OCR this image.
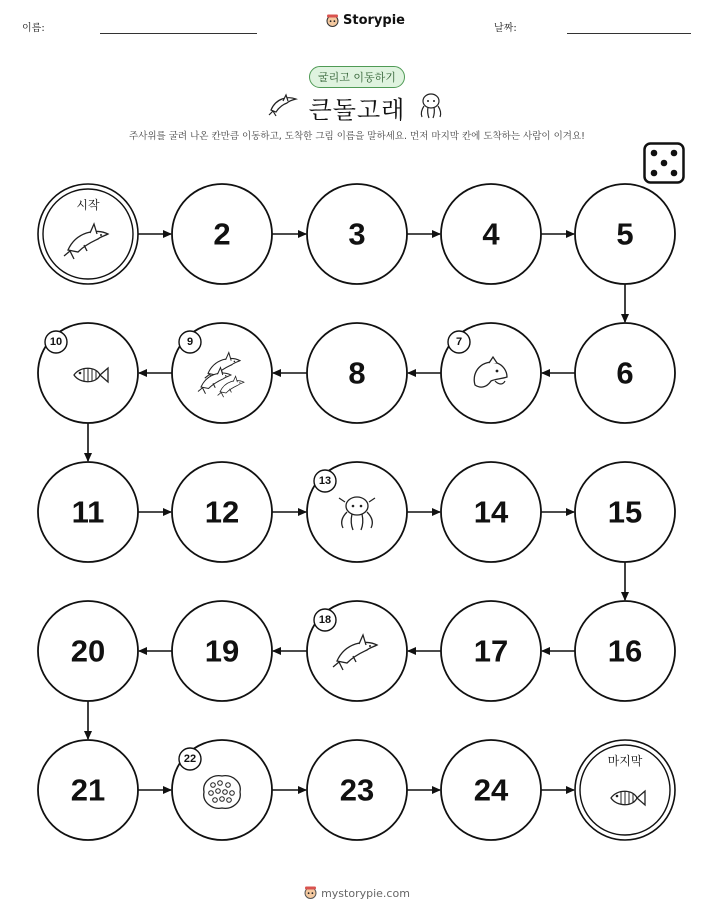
이름:
Storypie
날짜:
굴리고 이동하기
큰돌고래
주사위를 굴려 나온 칸만큼 이동하고, 도착한 그림 이름을 말하세요. 먼저 마지막 칸에 도착하는 사람이 이겨요!
시작
2	3	4	5
6
7
8
9
10
11	12
13
14	15
16
17
18
19
20
21
22
23	24
마지막
mystorypie.com
